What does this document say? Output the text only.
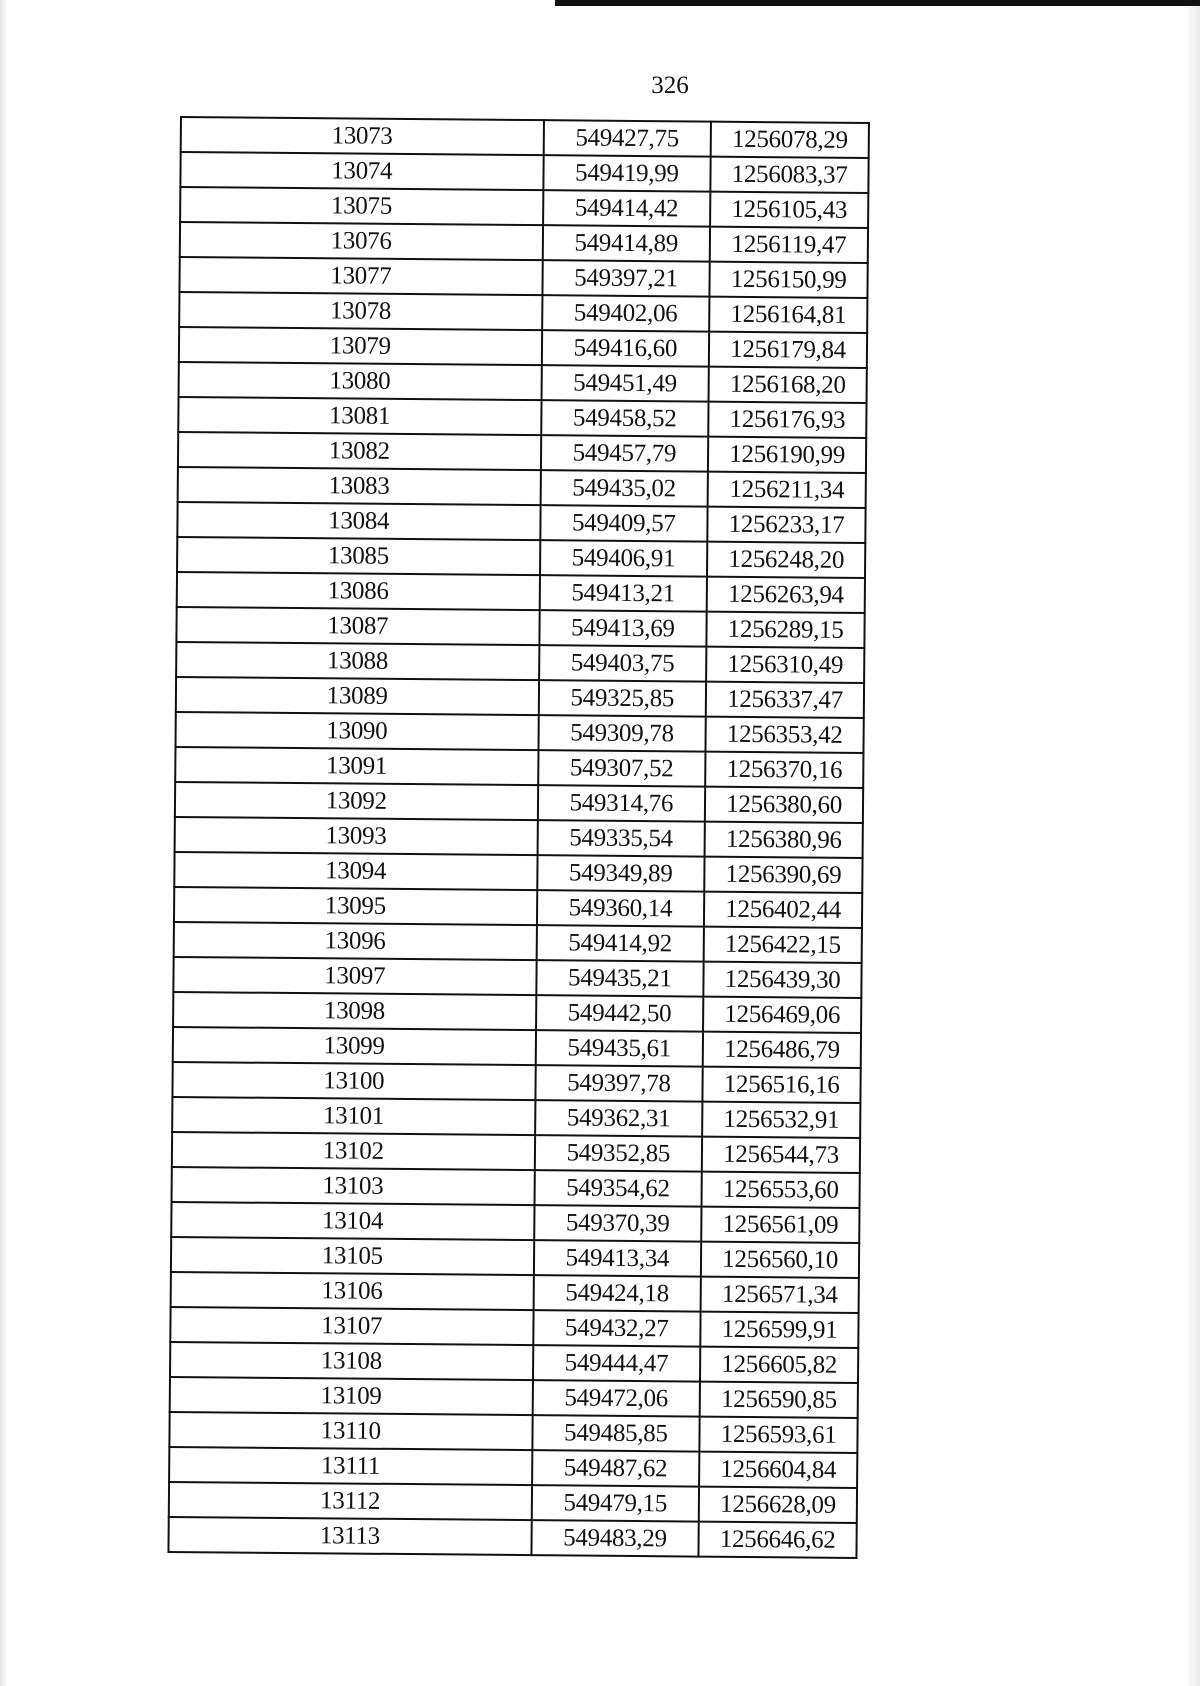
326
13073	549427,75	1256078,29
13074	549419,99	1256083,37
13075	549414,42	1256105,43
13076	549414,89	1256119,47
13077	549397,21	1256150,99
13078	549402,06	1256164,81
13079	549416,60	1256179,84
13080	549451,49	1256168,20
13081	549458,52	1256176,93
13082	549457,79	1256190,99
13083	549435,02	1256211,34
13084	549409,57	1256233,17
13085	549406,91	1256248,20
13086	549413,21	1256263,94
13087	549413,69	1256289,15
13088	549403,75	1256310,49
13089	549325,85	1256337,47
13090	549309,78	1256353,42
13091	549307,52	1256370,16
13092	549314,76	1256380,60
13093	549335,54	1256380,96
13094	549349,89	1256390,69
13095	549360,14	1256402,44
13096	549414,92	1256422,15
13097	549435,21	1256439,30
13098	549442,50	1256469,06
13099	549435,61	1256486,79
13100	549397,78	1256516,16
13101	549362,31	1256532,91
13102	549352,85	1256544,73
13103	549354,62	1256553,60
13104	549370,39	1256561,09
13105	549413,34	1256560,10
13106	549424,18	1256571,34
13107	549432,27	1256599,91
13108	549444,47	1256605,82
13109	549472,06	1256590,85
13110	549485,85	1256593,61
13111	549487,62	1256604,84
13112	549479,15	1256628,09
13113	549483,29	1256646,62
